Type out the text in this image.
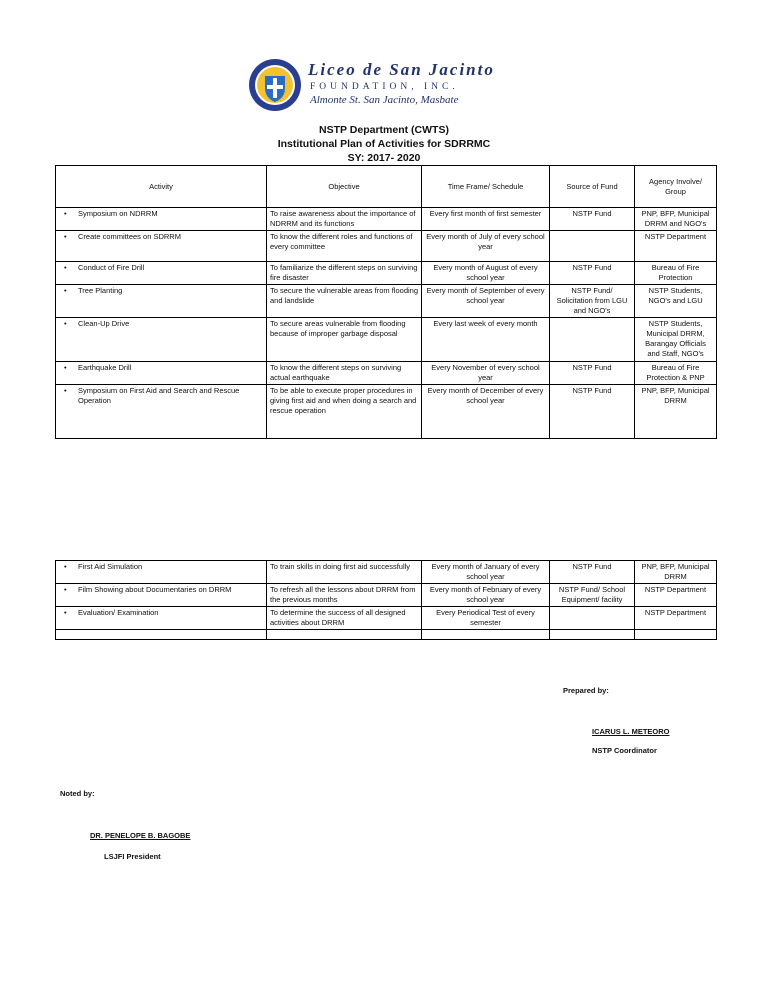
Liceo de San Jacinto
FOUNDATION, INC.
Almonte St. San Jacinto, Masbate
NSTP Department (CWTS)
Institutional Plan of Activities for SDRRMC
SY: 2017- 2020
Activity	Objective	Time Frame/ Schedule	Source of Fund	Agency Involve/ Group
• Symposium on NDRRM	To raise awareness about the importance of NDRRM and its functions	Every first month of first semester	NSTP Fund	PNP, BFP, Municipal DRRM and NGO's
• Create committees on SDRRM	To know the different roles and functions of every committee	Every month of July of every school year		NSTP Department
• Conduct of Fire Drill	To familiarize the different steps on surviving fire disaster	Every month of August of every school year	NSTP Fund	Bureau of Fire Protection
• Tree Planting	To secure the vulnerable areas from flooding and landslide	Every month of September of every school year	NSTP Fund/ Solicitation from LGU and NGO's	NSTP Students, NGO's and LGU
• Clean-Up Drive	To secure areas vulnerable from flooding because of improper garbage disposal	Every last week of every month		NSTP Students, Municipal DRRM, Barangay Officials and Staff, NGO's
• Earthquake Drill	To know the different steps on surviving actual earthquake	Every November of every school year	NSTP Fund	Bureau of Fire Protection & PNP
• Symposium on First Aid and Search and Rescue Operation	To be able to execute proper procedures in giving first aid and when doing a search and rescue operation	Every month of December of every school year	NSTP Fund	PNP, BFP, Municipal DRRM
• First Aid Simulation	To train skills in doing first aid successfully	Every month of January of every school year	NSTP Fund	PNP, BFP, Municipal DRRM
• Film Showing about Documentaries on DRRM	To refresh all the lessons about DRRM from the previous months	Every month of February of every school year	NSTP Fund/ School Equipment/ facility	NSTP Department
• Evaluation/ Examination	To determine the success of all designed activities about DRRM	Every Periodical Test of every semester		NSTP Department

Prepared by:
ICARUS L. METEORO
NSTP Coordinator
Noted by:
DR. PENELOPE B. BAGOBE
LSJFI President
